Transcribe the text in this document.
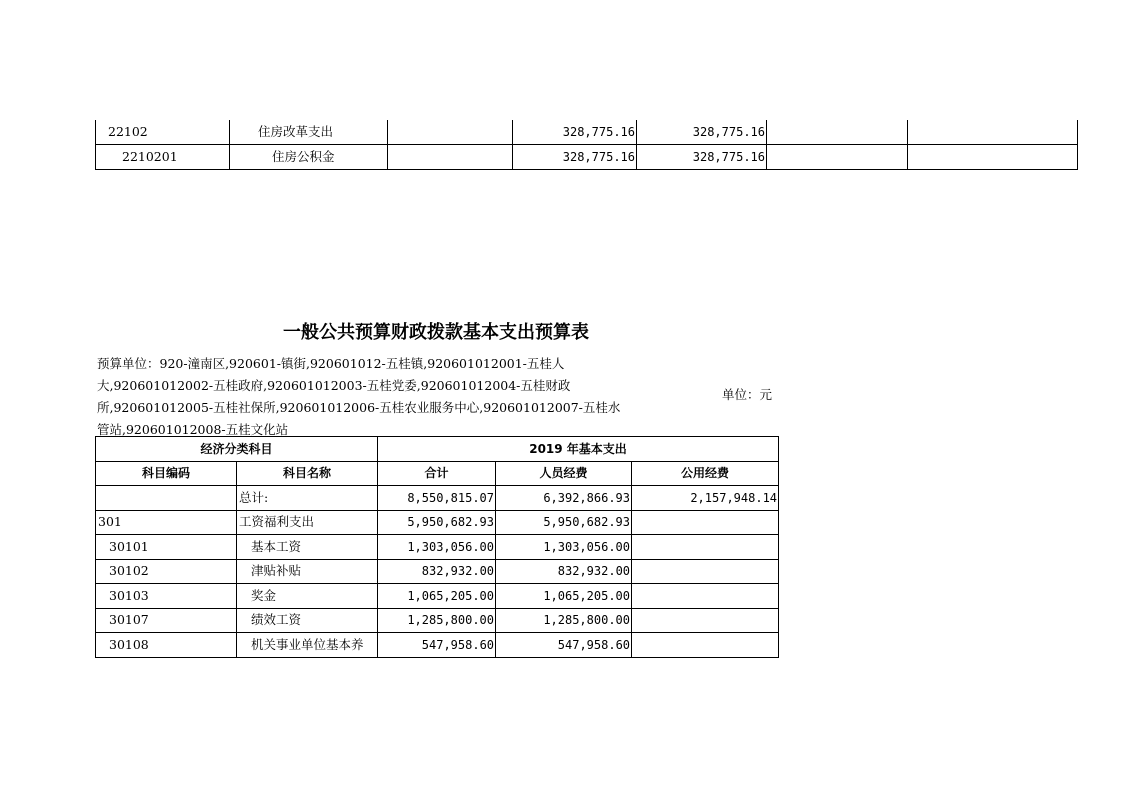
22102	住房改革支出		328,775.16	328,775.16		
2210201	住房公积金		328,775.16	328,775.16		
一般公共预算财政拨款基本支出预算表
预算单位：920-潼南区,920601-镇街,920601012-五桂镇,920601012001-五桂人大,920601012002-五桂政府,920601012003-五桂党委,920601012004-五桂财政所,920601012005-五桂社保所,920601012006-五桂农业服务中心,920601012007-五桂水管站,920601012008-五桂文化站
单位：元
经济分类科目		2019 年基本支出		
科目编码	科目名称	合计	人员经费	公用经费
	总计:	8,550,815.07	6,392,866.93	2,157,948.14
301	工资福利支出	5,950,682.93	5,950,682.93	
30101	基本工资	1,303,056.00	1,303,056.00	
30102	津贴补贴	832,932.00	832,932.00	
30103	奖金	1,065,205.00	1,065,205.00	
30107	绩效工资	1,285,800.00	1,285,800.00	
30108	机关事业单位基本养	547,958.60	547,958.60	
